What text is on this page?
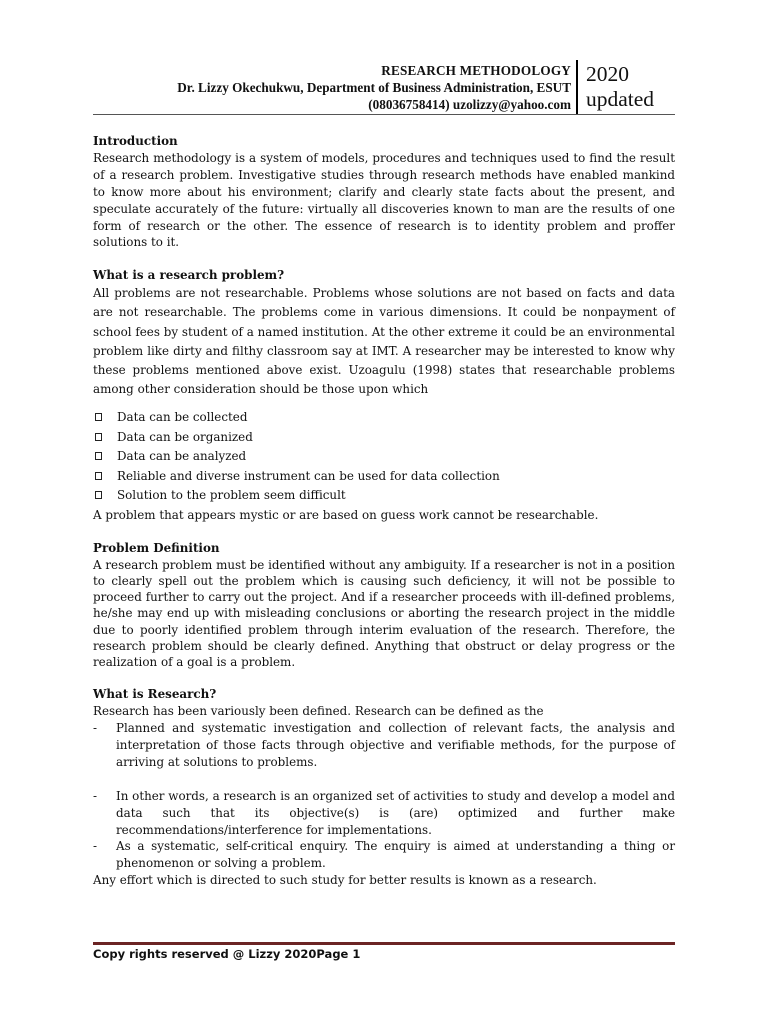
RESEARCH METHODOLOGY
Dr. Lizzy Okechukwu, Department of Business Administration, ESUT
(08036758414) uzolizzy@yahoo.com
2020
updated

Introduction

Research methodology is a system of models, procedures and techniques used to find the result of a research problem. Investigative studies through research methods have enabled mankind to know more about his environment; clarify and clearly state facts about the present, and speculate accurately of the future: virtually all discoveries known to man are the results of one form of research or the other. The essence of research is to identity problem and proffer solutions to it.

What is a research problem?

All problems are not researchable. Problems whose solutions are not based on facts and data are not researchable. The problems come in various dimensions. It could be nonpayment of school fees by student of a named institution. At the other extreme it could be an environmental problem like dirty and filthy classroom say at IMT. A researcher may be interested to know why these problems mentioned above exist. Uzoagulu (1998) states that researchable problems among other consideration should be those upon which

Data can be collected
Data can be organized
Data can be analyzed
Reliable and diverse instrument can be used for data collection
Solution to the problem seem difficult

A problem that appears mystic or are based on guess work cannot be researchable.

Problem Definition

A research problem must be identified without any ambiguity. If a researcher is not in a position to clearly spell out the problem which is causing such deficiency, it will not be possible to proceed further to carry out the project. And if a researcher proceeds with ill-defined problems, he/she may end up with misleading conclusions or aborting the research project in the middle due to poorly identified problem through interim evaluation of the research. Therefore, the research problem should be clearly defined. Anything that obstruct or delay progress or the realization of a goal is a problem.

What is Research?

Research has been variously been defined. Research can be defined as the

- Planned and systematic investigation and collection of relevant facts, the analysis and interpretation of those facts through objective and verifiable methods, for the purpose of arriving at solutions to problems.
- In other words, a research is an organized set of activities to study and develop a model and data such that its objective(s) is (are) optimized and further make recommendations/interference for implementations.
- As a systematic, self-critical enquiry. The enquiry is aimed at understanding a thing or phenomenon or solving a problem.

Any effort which is directed to such study for better results is known as a research.

Copy rights reserved @ Lizzy 2020Page 1
